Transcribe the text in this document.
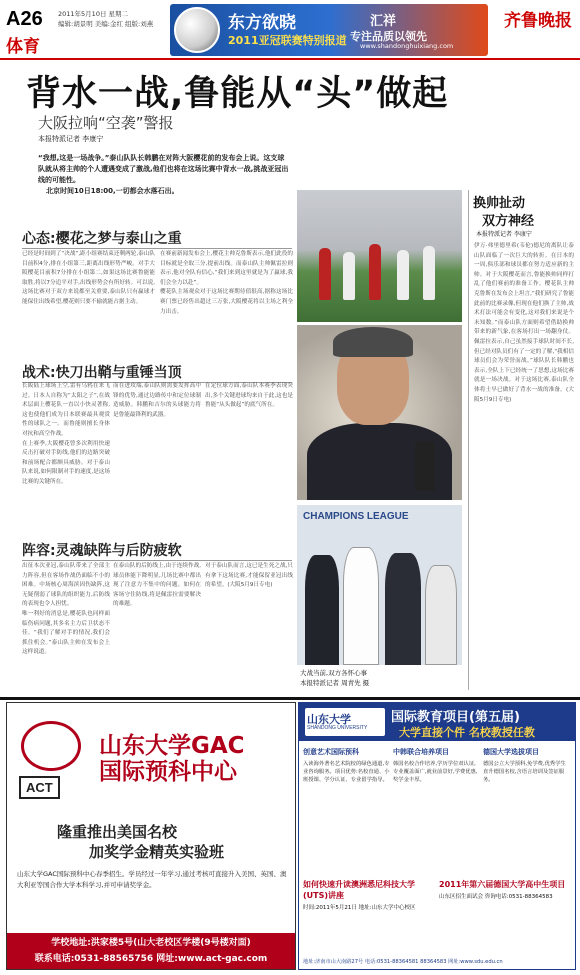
A26
体育
2011年5月10日 星期二
编辑:胡景明 美编:金红 组版:刘燕	东方欲晓
2011亚冠联赛特别报道
汇祥
专注品质以领先
www.shandonghuixiang.com
齐鲁晚报
背水一战,鲁能从“头”做起
大阪拉响“空袭”警报
本报特派记者 李康宁
“我想,这是一场战争。”泰山队队长韩鹏在对阵大阪樱花前的发布会上说。这支球队就从将主帅的个人遭遇变成了激战,他们也将在这场比赛中背水一战,挑战亚冠出线的可能性。
北京时间10日18:00,一切都会水落石出。
心态:樱花之梦与泰山之重

已经是时间到了“决战”,距小组赛结束还剩两轮,泰山队目前积4分,排在小组第三,距离出线形势严峻。对手大阪樱花目前积7分排在小组第二,如果这场比赛鲁能能取胜,将以7分追平对手,出线形势会有所好转。可以说,这场比赛对于双方来说都至关重要,泰山队只有赢球才能保住出线希望,樱花则只要不输就能占据主动。

在赛前新闻发布会上,樱花主帅克鲁斯表示,他们此役的目标就是全取三分,提前出线。而泰山队主帅佩雷拉则表示,他对全队有信心,“我们来到这里就是为了赢球,我们会全力以赴”。

樱花队主场观众对于这场比赛期待值很高,据称这场比赛门票已经售出超过三万张,大阪樱花将以主场之利全力出击。

战术:快刀出鞘与重锤当顶

长阪陆上球场上空,雷有乌鸦在来飞过。日本人自称为“太阳之子”,在战术层面上樱花队一直以小快灵著称,这也使他们成为日本联赛最具观赏性的球队之一。而鲁能则擅长身体对抗和高空作战。

在上赛季,大阪樱花曾多次利用快速反击打破对手防线,他们的边路突破和前场配合都颇具威胁。对于泰山队来说,如何限制对手的速度,是这场比赛的关键所在。

而在进攻端,泰山队则需要发挥高中锋的优势,通过边路传中和定位球制造威胁。韩鹏和吉尔的头球能力将是鲁能最锋利的武器。

在定位球方面,泰山队本赛季表现突出,多个关键进球均来自于此,这也是鲁能“从头做起”的底气所在。

阵容:灵魂缺阵与后防疲软

出征本次亚冠,泰山队带来了全部主力阵容,但在客场作战仍面临不小的困难。中场核心周海滨因伤缺阵,这无疑削弱了球队的组织能力,后防线的表现也令人担忧。

唯一利好的消息是,樱花队也同样面临伤病问题,其多名主力后卫状态不佳。“我们了解对手的情况,我们会抓住机会。”泰山队主帅在发布会上这样说道。

在泰山队的后防线上,由于连续作战,球员体能下降明显,几场比赛中都出现了注意力不集中的问题。如何在客场守住防线,将是佩雷拉需要解决的难题。

对于泰山队而言,这已是生死之战,只有拿下这场比赛,才能保留亚冠出线的希望。(大阪5月9日专电)

CHAMPIONS LEAGUE
大战当前,双方各怀心事
本报特派记者 周青先 摄
换帅扯动
双方神经
本报特派记者 李康宁

伊万·弗里德里希(韦伦)德尼的离队让泰山队面临了一次巨大的转折。在日本的一周,俱乐部和球员都在努力适应新的主帅。对于大阪樱花而言,鲁能换帅同样打乱了他们赛前的准备工作。樱花队主帅克鲁斯在发布会上坦言,“我们研究了鲁能此前的比赛录像,但现在他们换了主帅,战术打法可能会有变化,这对我们来说是个未知数。”而泰山队方面则希望借助换帅带来的新气象,在客场打出一场翻身仗。佩雷拉表示,自己虽然接手球队时间不长,但已经对队员们有了一定的了解,“我相信球员们会为荣誉而战。”球队队长韩鹏也表示,全队上下已经统一了思想,这场比赛就是一场决战。对于这场比赛,泰山队全体将士早已做好了背水一战的准备。(大阪5月9日专电)

山东大学GAC
国际预科中心
ACT
隆重推出美国名校
加奖学金精英实验班
山东大学GAC国际预科中心春季招生。学员经过一年学习,通过考核可直接升入美国、英国、澳大利亚等国合作大学本科学习,并可申请奖学金。
学校地址:洪家楼5号(山大老校区学楼(9号楼对面)
联系电话:0531-88565756 网址:www.act-gac.com
山东大学
SHANDONG UNIVERSITY
国际教育项目(第五届)
大学直接个件 名校教授任教
创意艺术国际预科

入读海外著名艺术院校的绿色通道,专业咨询服务。项目优势:名校直通、小班授课、学分认证、专业留学指导。

中韩联合培养项目

韩国名校合作培养,学历学位双认证,专业覆盖面广,就业前景好,学费优惠,奖学金丰厚。

德国大学选拔项目

德国公立大学预科,免学费,优秀学生直升德国名校,含语言培训及签证服务。

如何快速升读澳洲悉尼科技大学(UTS)讲座

时间:2011年5月21日 地址:山东大学中心校区

2011年第六届德国大学高中生项目

山东区招生面试会 咨询电话:0531-88364583

地址:济南市山大南路27号 电话:0531-88364581 88364583 网址:www.sdu.edu.cn
